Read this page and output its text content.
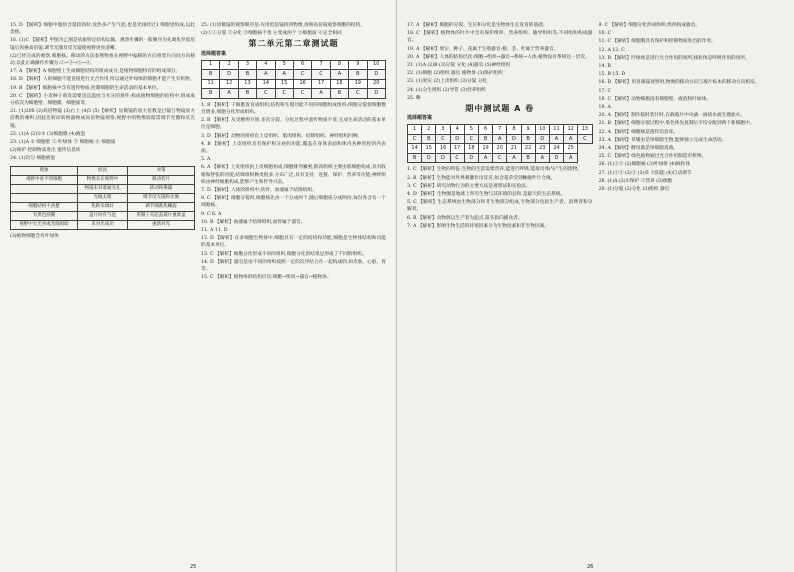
15. D 【解析】细胞中脂肪含量较高时,放热多产生气泡,也是光线经过1 细胞里组成,以此类推。

16. (1)C 【解析】甲图为乙图是依据特定结构运输。观察步骤的一般顺序为先调焦至低倍镜后再换高倍镜,调节光圈及反光镜使视野更亮清晰。

(2)已经完成的观察,细胞核。移动的方法参照物体在视野中偏移的方向将装片向同方向移动,以此正确操作步骤为:②→③→⑤→④。

17. A 【解析】A 细胞壁上生成细胞结构的组成成分,是植物细胞特有的组成部分。

18. D 【解析】人的细胞不能直接进行光合作用,所以通过叶绿体的细胞才能产生有机物。

19. B 【解析】细胞核中含有遗传物质,控制细胞的生命活动的基本单位。

20. C 【解析】小麦种子萌发需要适宜温度与水分的条件;构成植物细胞的结构中,组成成分依次为细胞壁、细胞膜、细胞质等。

21. (1)200 (2)高倍物镜 (3)右上 (4)5 (5)【解析】显微镜的放大倍数是目镜与物镜放大倍数的乘积,因此先转动转换器换成高倍物镜观察,视野中的物像较暗需调节光圈和反光镜。

22. (1)A (2)①② (3)细胞膜 (4)液泡

23. (1)A ① 细胞壁 ② 叶绿体 ③ 细胞核 ④ 细胞质

(2)保护 控制物质进出 遗传信息库

24. (1)均匀 细胞液泡

现象	原因	对策
视野中看不到细胞	物像未在视野中	移动装片
	物镜未对准通光孔	转动转换器
	光线太暗	调节反光镜和光圈
细胞结构不清楚	焦距未调好	调节细准焦螺旋
有黑色圆圈	盖片时有气泡	用镊子夹起盖玻片重新盖
视野中无光亮或光线很暗	未对光成功	重新对光

(3)植物细胞含有叶绿体

25. (1)显微镜的观察顺序是:先用低倍镜找到物像,再换高倍镜观察细胞的结构。

(2)①①分裂 ②分化 ③细胞核不变 ④变成两个 ⑤细胞质 ⑥完全相同

第二单元第二章测试题
选择题答案
1	2	3	4	5	6	7	8	9	10
B	D	B	A	A	C	C	A	B	D
11	12	13	14	15	16	17	18	19	20
B	A	B	C	C	C	A	B	C	D

1. B 【解析】干细胞发育成组织,结构和生理功能不同的细胞组成组织;细胞分裂使细胞数目增多,细胞分化形成组织。

2. B 【解析】从受精卵开始,多次分裂、分化过程中遗传物质不变,完成生命活动的基本单位是细胞。

3. D 【解析】动物的组织有上皮组织、肌肉组织、结缔组织、神经组织四种。

4. B 【解析】上皮组织具有保护和分泌的功能,覆盖在身体表面和体内各种管腔的内表面。

5. A

6. A 【解析】上皮组织由上皮细胞构成,细胞排列紧密;肌肉组织主要由肌细胞构成,具有收缩和舒张的功能;结缔组织种类很多,分布广泛,具有支持、连接、保护、营养等功能;神经组织由神经细胞构成,能够产生和传导兴奋。

7. D 【解析】人体的组织中,软骨、血液属于结缔组织。

8. C 【解析】细胞分裂时,细胞核先由一个分成两个,随后细胞质分成两份,每份各含有一个细胞核。

9. C 6. A

10. B 【解析】血液属于结缔组织,血管属于器官。

11. A 11. D

12. D 【解析】在多细胞生物体中,细胞具有一定的结构和功能,细胞是生物体结构和功能的基本单位。

13. C 【解析】细胞分化形成不同的组织,细胞分化的结果是形成了不同的组织。

14. D 【解析】器官是由不同的组织按照一定的次序结合在一起构成的,如皮肤、心脏、胃等。

15. C 【解析】植物体的结构层次:细胞→组织→器官→植物体。

25

17. A 【解析】细胞的分裂、生长和分化是生物体生长发育的基础。

18. C 【解析】植物体的叶片中含有保护组织、营养组织、输导组织等,不同组织构成器官。

19. A 【解析】果实、种子、花属于生殖器官;根、茎、叶属于营养器官。

20. A 【解析】人体的结构层次:细胞→组织→器官→系统→人体;植物没有系统这一层次。

21. (1)A (2)B (3)分裂 分化 (4)器官 (5)神经组织

22. (1)细胞 (2)组织 器官 植物体 (3)保护组织

23. (1)果实 (2)上皮组织 (3)分裂 分化

24. (1)分生组织 (2)导管 (3)营养组织

25. 略

期中测试题 A 卷
选择题答案
1	2	3	4	5	6	7	8	9	10	11	12	13
C	B	C	D	C	B	A	D	B	D	A	A	C
14	15	16	17	18	19	20	21	22	23	24	25	
B	D	D	C	D	A	C	A	B	A	D	A	

1. C 【解析】生物的特征:生物的生活需要营养,能进行呼吸,能排出体内产生的废物。

2. B 【解析】生物能对外界刺激作出反应,如含羞草受到触碰叶片合拢。

3. C 【解析】研究动物行为的主要方法是观察法和实验法。

4. D 【解析】生物圈是地球上所有生物与其环境的总和,是最大的生态系统。

5. C 【解析】生态系统由生物部分和非生物部分组成,生物部分包括生产者、消费者和分解者。

6. B 【解析】食物链以生产者为起点,箭头指向捕食者。

7. A 【解析】影响生物生活的环境因素分为生物因素和非生物因素。

9. C 【解析】细胞分化形成组织,组织构成器官。

10. C

11. C 【解析】细胞膜具有保护和控制物质进出的作用。

12. A 12. C

13. B 【解析】叶绿体是进行光合作用的场所,线粒体是呼吸作用的场所。

14. B

15. B 15. D

16. D 【解析】用显微镜观察时,物像的移动方向与玻片标本的移动方向相反。

17. C

18. C 【解析】动物细胞没有细胞壁、液泡和叶绿体。

19. A

20. A 【解析】制作临时装片时,在载玻片中央滴一滴清水或生理盐水。

21. B 【解析】细胞分裂过程中,染色体先复制后平均分配到两个新细胞中。

22. A 【解析】细胞核是遗传信息库。

23. A 【解析】草履虫是单细胞生物,能够独立完成生命活动。

24. A 【解析】酵母菌是单细胞真菌。

25. C 【解析】绿色植物通过光合作用制造有机物。

26. (1)①② (2)细胞核 (3)叶绿体 (4)线粒体

27. (1)①③ (2)③ (3)草 大阳能 (4)自动调节

28. (1)A (2)①保护 ②营养 (3)细胞

29. (1)分裂 (2)分化 (3)组织 器官

26
